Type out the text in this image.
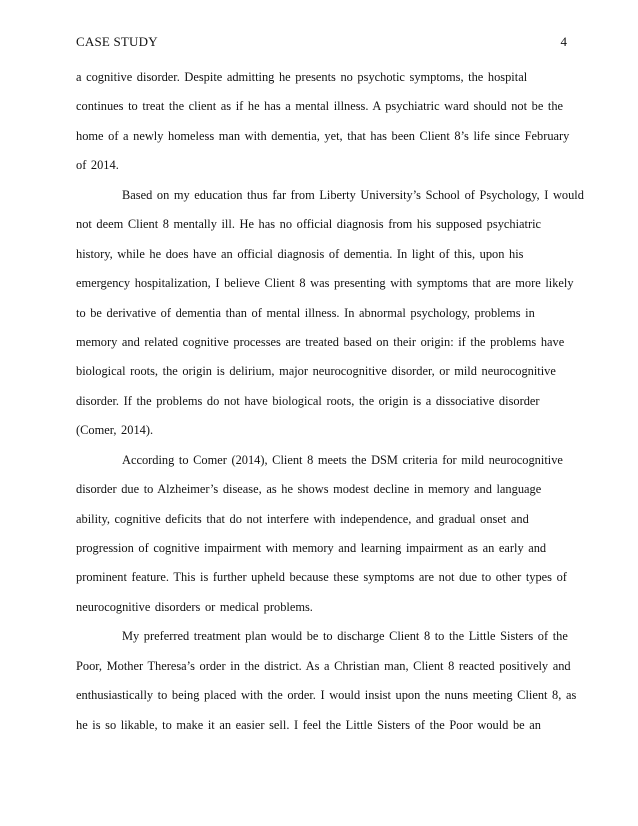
CASE STUDY	4
a cognitive disorder. Despite admitting he presents no psychotic symptoms, the hospital
continues to treat the client as if he has a mental illness. A psychiatric ward should not be the
home of a newly homeless man with dementia, yet, that has been Client 8’s life since February
of 2014.
Based on my education thus far from Liberty University’s School of Psychology, I would
not deem Client 8 mentally ill. He has no official diagnosis from his supposed psychiatric
history, while he does have an official diagnosis of dementia. In light of this, upon his
emergency hospitalization, I believe Client 8 was presenting with symptoms that are more likely
to be derivative of dementia than of mental illness. In abnormal psychology, problems in
memory and related cognitive processes are treated based on their origin: if the problems have
biological roots, the origin is delirium, major neurocognitive disorder, or mild neurocognitive
disorder. If the problems do not have biological roots, the origin is a dissociative disorder
(Comer, 2014).
According to Comer (2014), Client 8 meets the DSM criteria for mild neurocognitive
disorder due to Alzheimer’s disease, as he shows modest decline in memory and language
ability, cognitive deficits that do not interfere with independence, and gradual onset and
progression of cognitive impairment with memory and learning impairment as an early and
prominent feature. This is further upheld because these symptoms are not due to other types of
neurocognitive disorders or medical problems.
My preferred treatment plan would be to discharge Client 8 to the Little Sisters of the
Poor, Mother Theresa’s order in the district. As a Christian man, Client 8 reacted positively and
enthusiastically to being placed with the order. I would insist upon the nuns meeting Client 8, as
he is so likable, to make it an easier sell. I feel the Little Sisters of the Poor would be an
